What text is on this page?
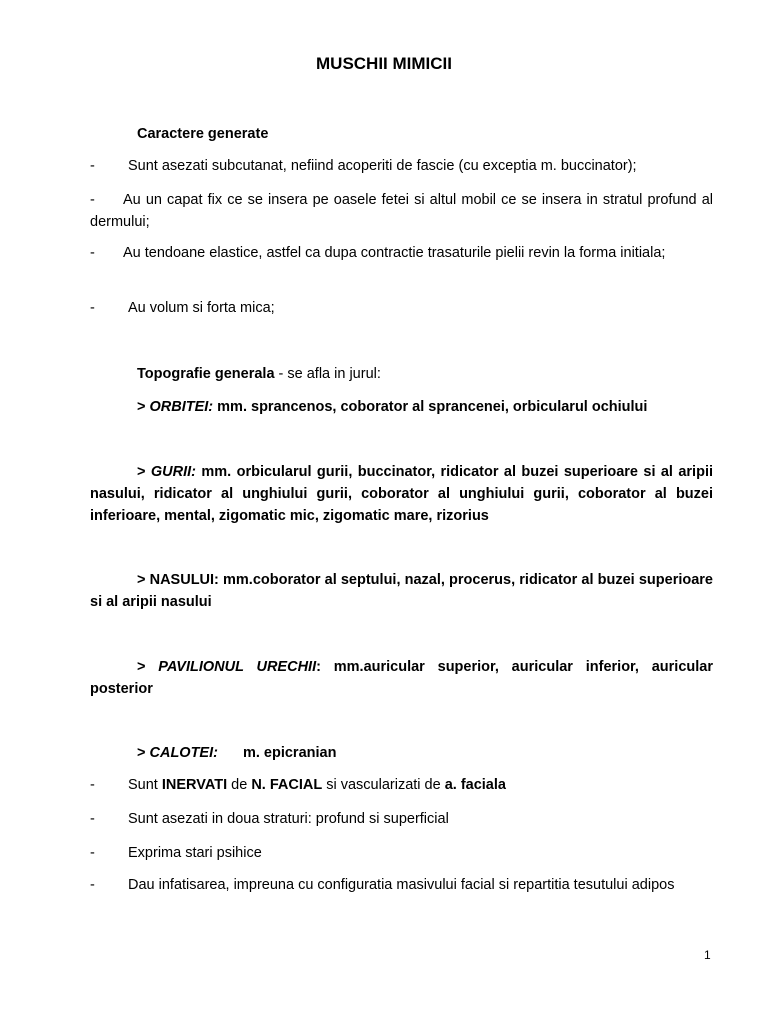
MUSCHII MIMICII
Caractere generate
- Sunt asezati subcutanat, nefiind acoperiti de fascie (cu exceptia m. buccinator);
- Au un capat fix ce se insera pe oasele fetei si altul mobil ce se insera in stratul profund al dermului;
- Au tendoane elastice, astfel ca dupa contractie trasaturile pielii revin la forma initiala;
- Au volum si forta mica;
Topografie generala - se afla in jurul:
> ORBITEI: mm. sprancenos, coborator al sprancenei, orbicularul ochiului
> GURII: mm. orbicularul gurii, buccinator, ridicator al buzei superioare si al aripii nasului, ridicator al unghiului gurii, coborator al unghiului gurii, coborator al buzei inferioare, mental, zigomatic mic, zigomatic mare, rizorius
> NASULUI: mm.coborator al septului, nazal, procerus, ridicator al buzei superioare si al aripii nasului
> PAVILIONUL URECHII: mm.auricular superior, auricular inferior, auricular posterior
> CALOTEI: m. epicranian
- Sunt INERVATI de N. FACIAL si vascularizati de a. faciala
- Sunt asezati in doua straturi: profund si superficial
- Exprima stari psihice
- Dau infatisarea, impreuna cu configuratia masivului facial si repartitia tesutului adipos
1
